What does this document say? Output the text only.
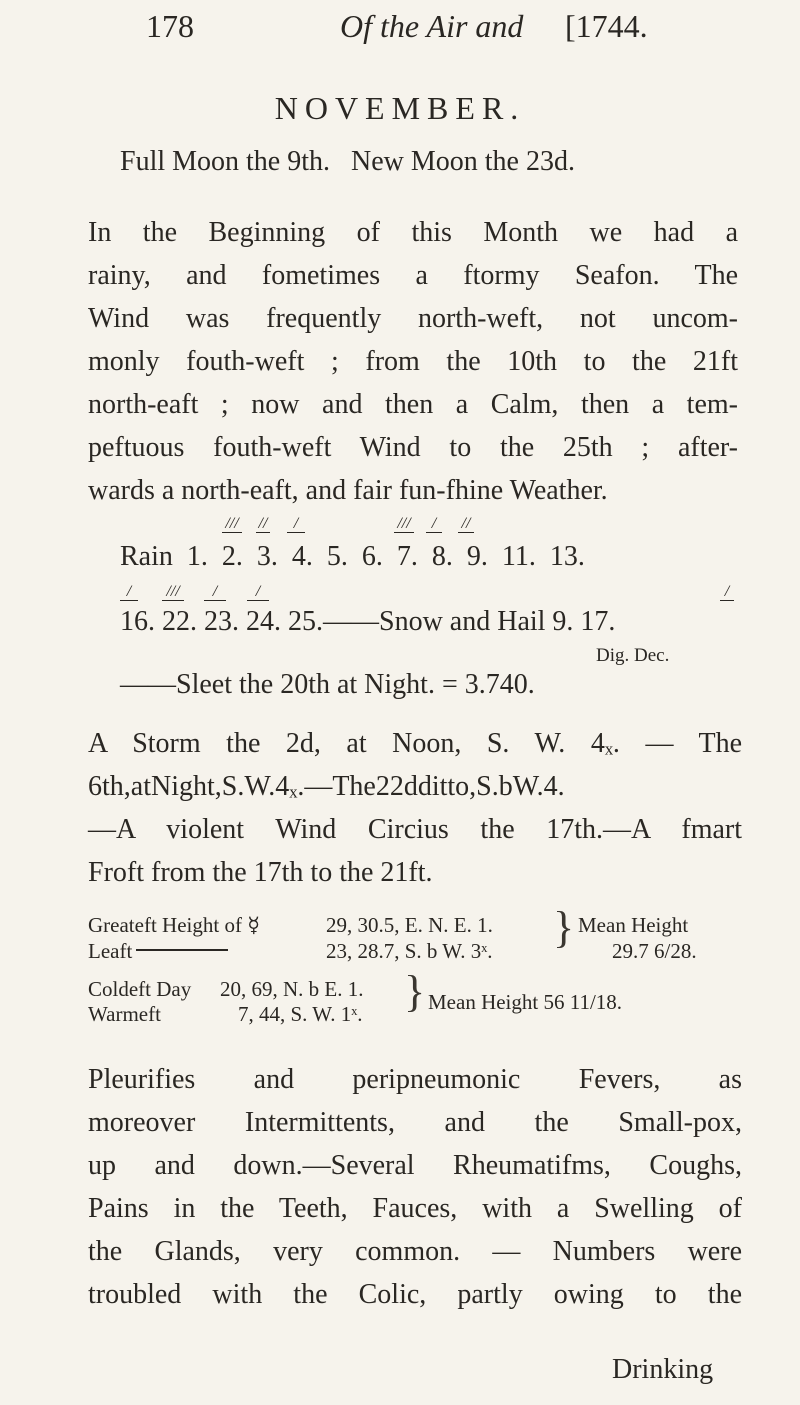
178	Of the Air and [1744.
NOVEMBER.
Full Moon the 9th.   New Moon the 23d.
In the Beginning of this Month we had a
rainy, and fometimes a ftormy Seafon. The
Wind was frequently north-weft, not uncom-
monly fouth-weft ; from the 10th to the 21ft
north-eaft ; now and then a Calm, then a tem-
peftuous fouth-weft Wind to the 25th ; after-
wards a north-eaft, and fair fun-fhine Weather.
/// //	/	///	/	//
Rain  1.  2.  3.  4.  5.  6.  7.  8.  9.  11.  13.
/	///	/	/	/
16. 22. 23. 24. 25.——Snow and Hail 9. 17.
Dig. Dec.
——Sleet the 20th at Night. = 3.740.
A Storm the 2d, at Noon, S. W. 4ₓ. — The
6th,atNight,S.W.4ₓ.—The22dditto,S.bW.4.
—A violent Wind Circius the 17th.—A fmart
Froft from the 17th to the 21ft.
Greateft Height of ☿	29, 30.5, E. N. E. 1.
Leaft	23, 28.7, S. b W. 3ˣ. } Mean Height
29.7 6/28.
Coldeft Day 20, 69, N. b E. 1.
Warmeft	7, 44, S. W. 1ˣ. } Mean Height 56 11/18.
Pleurifies and peripneumonic Fevers, as
moreover Intermittents, and the Small-pox,
up and down.—Several Rheumatifms, Coughs,
Pains in the Teeth, Fauces, with a Swelling of
the Glands, very common. — Numbers were
troubled with the Colic, partly owing to the
Drinking
